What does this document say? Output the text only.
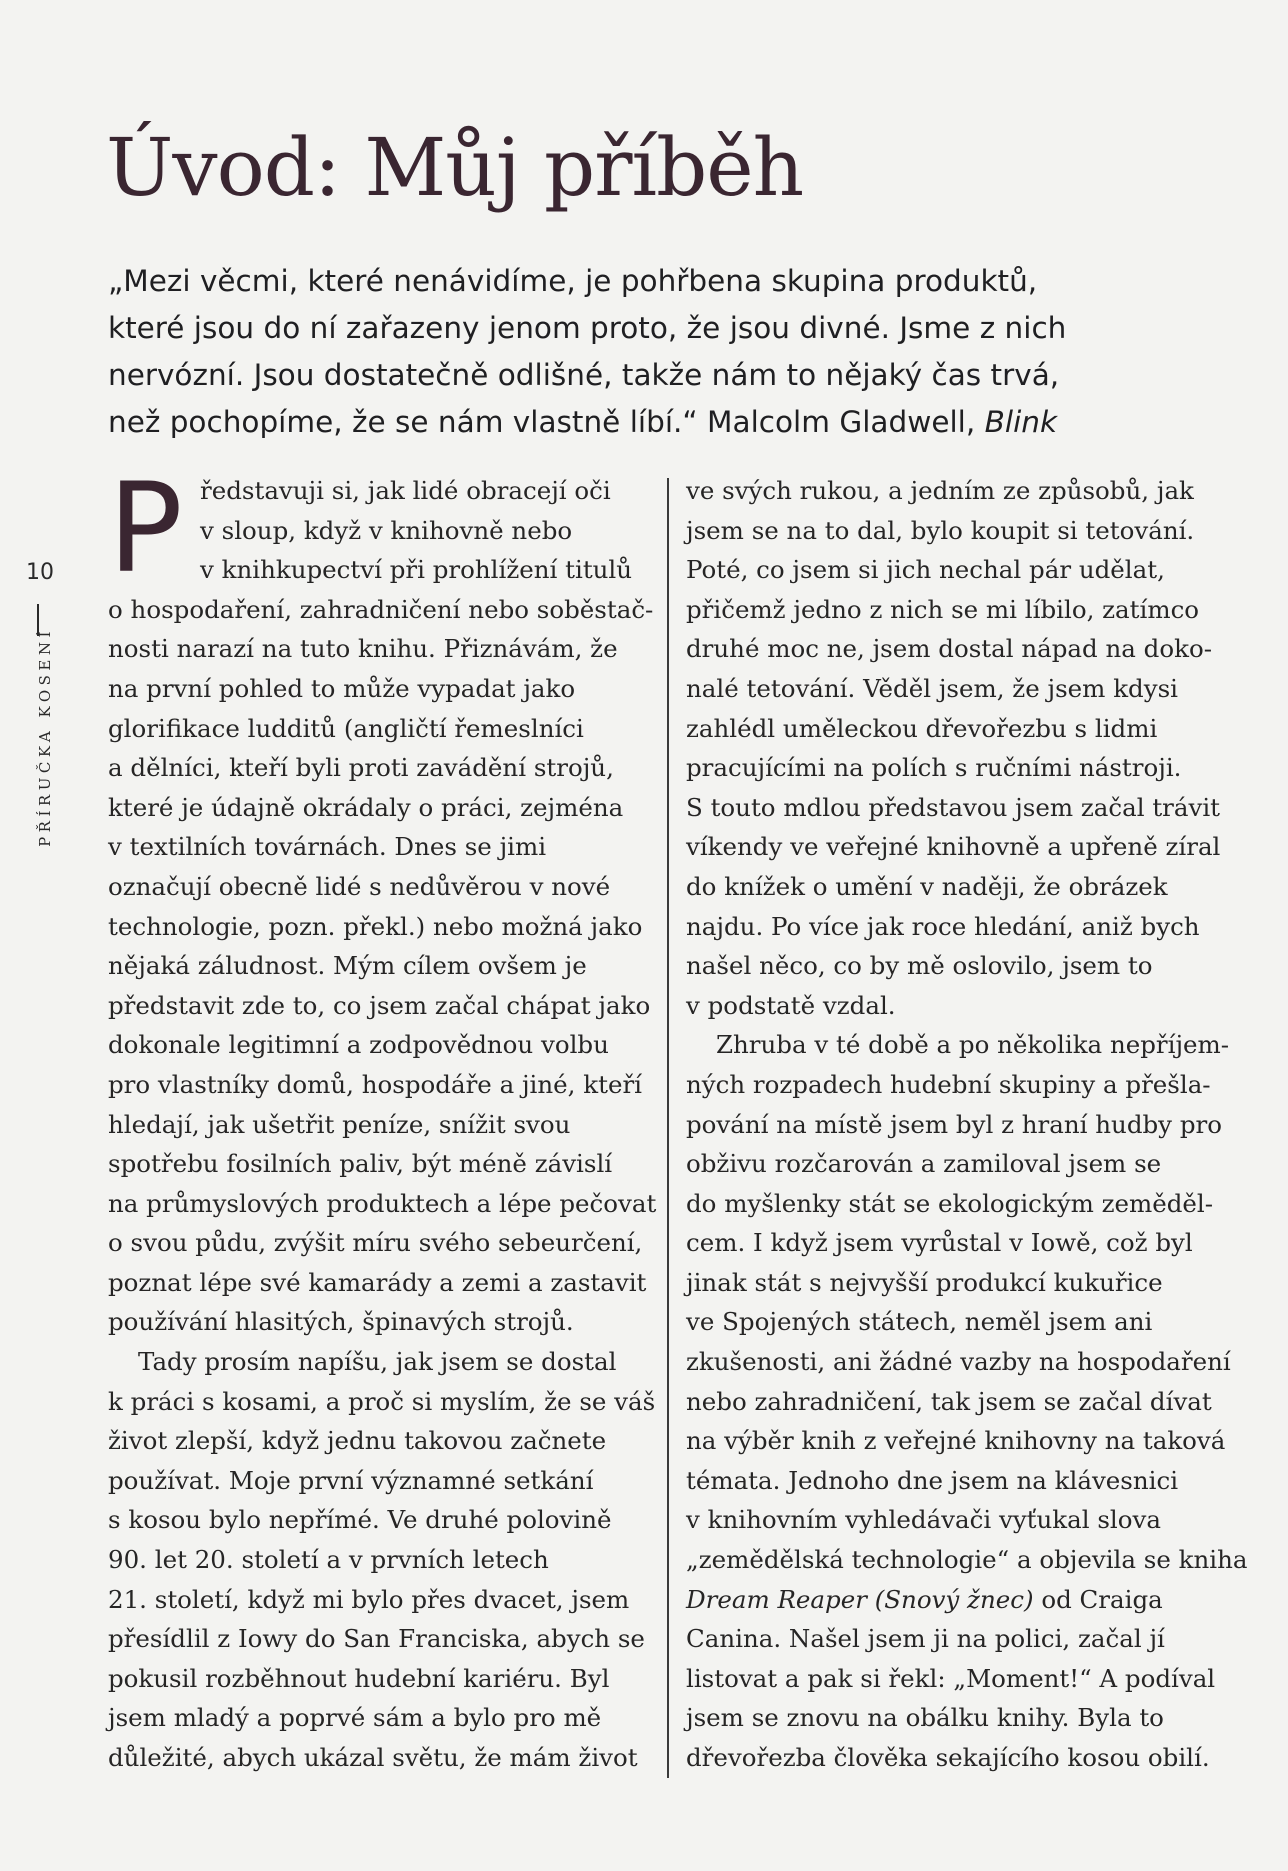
Úvod: Můj příběh

„Mezi věcmi, které nenávidíme, je pohřbena skupina produktů,
které jsou do ní zařazeny jenom proto, že jsou divné. Jsme z nich
nervózní. Jsou dostatečně odlišné, takže nám to nějaký čas trvá,
než pochopíme, že se nám vlastně líbí.“ Malcolm Gladwell, Blink

10
PŘÍRUČKA KOSENÍ
P ředstavuji si, jak lidé obracejí oči
v sloup, když v knihovně nebo
v knihkupectví při prohlížení titulů
o hospodaření, zahradničení nebo soběstač-
nosti narazí na tuto knihu. Přiznávám, že
na první pohled to může vypadat jako
glorifikace ludditů (angličtí řemeslníci
a dělníci, kteří byli proti zavádění strojů,
které je údajně okrádaly o práci, zejména
v textilních továrnách. Dnes se jimi
označují obecně lidé s nedůvěrou v nové
technologie, pozn. překl.) nebo možná jako
nějaká záludnost. Mým cílem ovšem je
představit zde to, co jsem začal chápat jako
dokonale legitimní a zodpovědnou volbu
pro vlastníky domů, hospodáře a jiné, kteří
hledají, jak ušetřit peníze, snížit svou
spotřebu fosilních paliv, být méně závislí
na průmyslových produktech a lépe pečovat
o svou půdu, zvýšit míru svého sebeurčení,
poznat lépe své kamarády a zemi a zastavit
používání hlasitých, špinavých strojů.
Tady prosím napíšu, jak jsem se dostal
k práci s kosami, a proč si myslím, že se váš
život zlepší, když jednu takovou začnete
používat. Moje první významné setkání
s kosou bylo nepřímé. Ve druhé polovině
90. let 20. století a v prvních letech
21. století, když mi bylo přes dvacet, jsem
přesídlil z Iowy do San Franciska, abych se
pokusil rozběhnout hudební kariéru. Byl
jsem mladý a poprvé sám a bylo pro mě
důležité, abych ukázal světu, že mám život
ve svých rukou, a jedním ze způsobů, jak
jsem se na to dal, bylo koupit si tetování.
Poté, co jsem si jich nechal pár udělat,
přičemž jedno z nich se mi líbilo, zatímco
druhé moc ne, jsem dostal nápad na doko-
nalé tetování. Věděl jsem, že jsem kdysi
zahlédl uměleckou dřevořezbu s lidmi
pracujícími na polích s ručními nástroji.
S touto mdlou představou jsem začal trávit
víkendy ve veřejné knihovně a upřeně zíral
do knížek o umění v naději, že obrázek
najdu. Po více jak roce hledání, aniž bych
našel něco, co by mě oslovilo, jsem to
v podstatě vzdal.
Zhruba v té době a po několika nepříjem-
ných rozpadech hudební skupiny a přešla-
pování na místě jsem byl z hraní hudby pro
obživu rozčarován a zamiloval jsem se
do myšlenky stát se ekologickým zeměděl-
cem. I když jsem vyrůstal v Iowě, což byl
jinak stát s nejvyšší produkcí kukuřice
ve Spojených státech, neměl jsem ani
zkušenosti, ani žádné vazby na hospodaření
nebo zahradničení, tak jsem se začal dívat
na výběr knih z veřejné knihovny na taková
témata. Jednoho dne jsem na klávesnici
v knihovním vyhledávači vyťukal slova
„zemědělská technologie“ a objevila se kniha
Dream Reaper (Snový žnec) od Craiga
Canina. Našel jsem ji na polici, začal jí
listovat a pak si řekl: „Moment!“ A podíval
jsem se znovu na obálku knihy. Byla to
dřevořezba člověka sekajícího kosou obilí.
